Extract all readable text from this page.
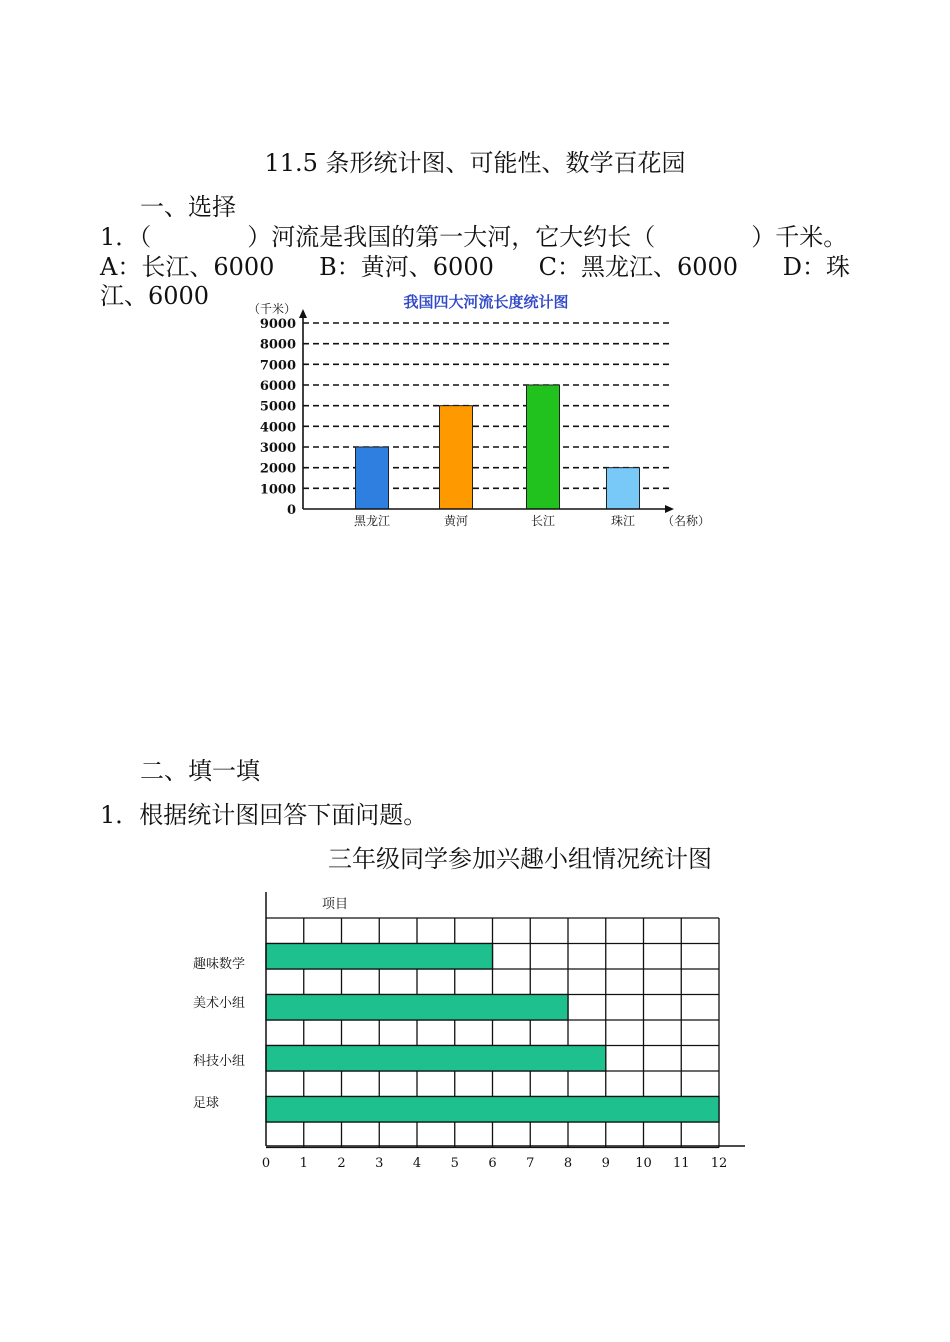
11.5 条形统计图、可能性、数学百花园
一、选择
1．（　　　　）河流是我国的第一大河，它大约长（　　　　）千米。
A：长江、6000 B：黄河、6000 C：黑龙江、6000 D：珠
江、6000
二、填一填
1．根据统计图回答下面问题。
三年级同学参加兴趣小组情况统计图
我国四大河流长度统计图
（千米）
（名称）
0
1000
2000
3000
4000
5000
6000
7000
8000
9000
黑龙江	黄河	长江	珠江
项目
趣味数学
美术小组
科技小组
足球
0 1 2 3 4 5 6 7 8 9 10 11 12
